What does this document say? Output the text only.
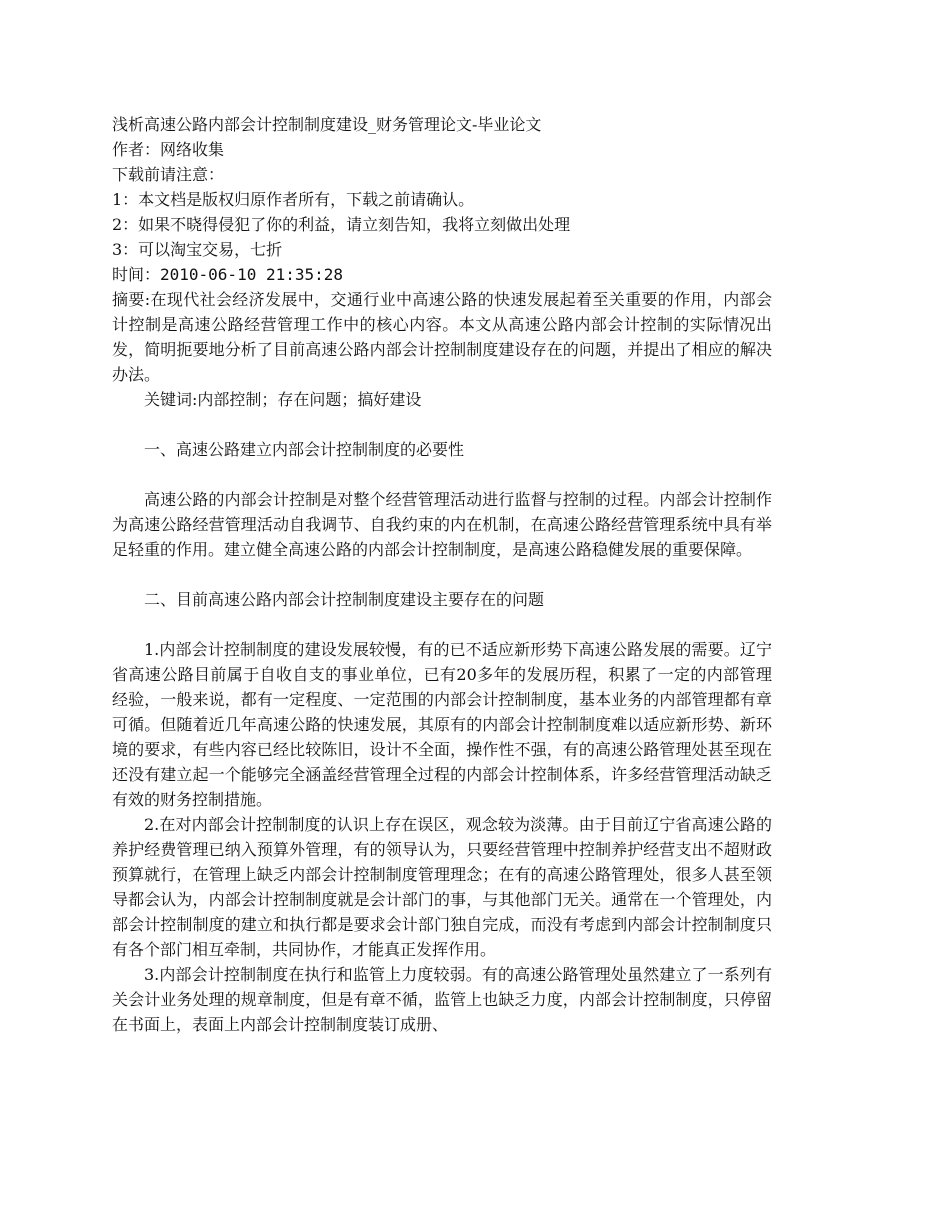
浅析高速公路内部会计控制制度建设_财务管理论文-毕业论文
作者：网络收集
下载前请注意：
1：本文档是版权归原作者所有，下载之前请确认。
2：如果不晓得侵犯了你的利益，请立刻告知，我将立刻做出处理
3：可以淘宝交易，七折
时间：2010-06-10 21:35:28

摘要:在现代社会经济发展中，交通行业中高速公路的快速发展起着至关重要的作用，内部会计控制是高速公路经营管理工作中的核心内容。本文从高速公路内部会计控制的实际情况出发，简明扼要地分析了目前高速公路内部会计控制制度建设存在的问题，并提出了相应的解决办法。

关键词:内部控制；存在问题；搞好建设

一、高速公路建立内部会计控制制度的必要性

高速公路的内部会计控制是对整个经营管理活动进行监督与控制的过程。内部会计控制作为高速公路经营管理活动自我调节、自我约束的内在机制，在高速公路经营管理系统中具有举足轻重的作用。建立健全高速公路的内部会计控制制度，是高速公路稳健发展的重要保障。

二、目前高速公路内部会计控制制度建设主要存在的问题

1.内部会计控制制度的建设发展较慢，有的已不适应新形势下高速公路发展的需要。辽宁省高速公路目前属于自收自支的事业单位，已有20多年的发展历程，积累了一定的内部管理经验，一般来说，都有一定程度、一定范围的内部会计控制制度，基本业务的内部管理都有章可循。但随着近几年高速公路的快速发展，其原有的内部会计控制制度难以适应新形势、新环境的要求，有些内容已经比较陈旧，设计不全面，操作性不强，有的高速公路管理处甚至现在还没有建立起一个能够完全涵盖经营管理全过程的内部会计控制体系，许多经营管理活动缺乏有效的财务控制措施。

2.在对内部会计控制制度的认识上存在误区，观念较为淡薄。由于目前辽宁省高速公路的养护经费管理已纳入预算外管理，有的领导认为，只要经营管理中控制养护经营支出不超财政预算就行，在管理上缺乏内部会计控制制度管理理念；在有的高速公路管理处，很多人甚至领导都会认为，内部会计控制制度就是会计部门的事，与其他部门无关。通常在一个管理处，内部会计控制制度的建立和执行都是要求会计部门独自完成，而没有考虑到内部会计控制制度只有各个部门相互牵制，共同协作，才能真正发挥作用。

3.内部会计控制制度在执行和监管上力度较弱。有的高速公路管理处虽然建立了一系列有关会计业务处理的规章制度，但是有章不循，监管上也缺乏力度，内部会计控制制度，只停留在书面上，表面上内部会计控制制度装订成册、
